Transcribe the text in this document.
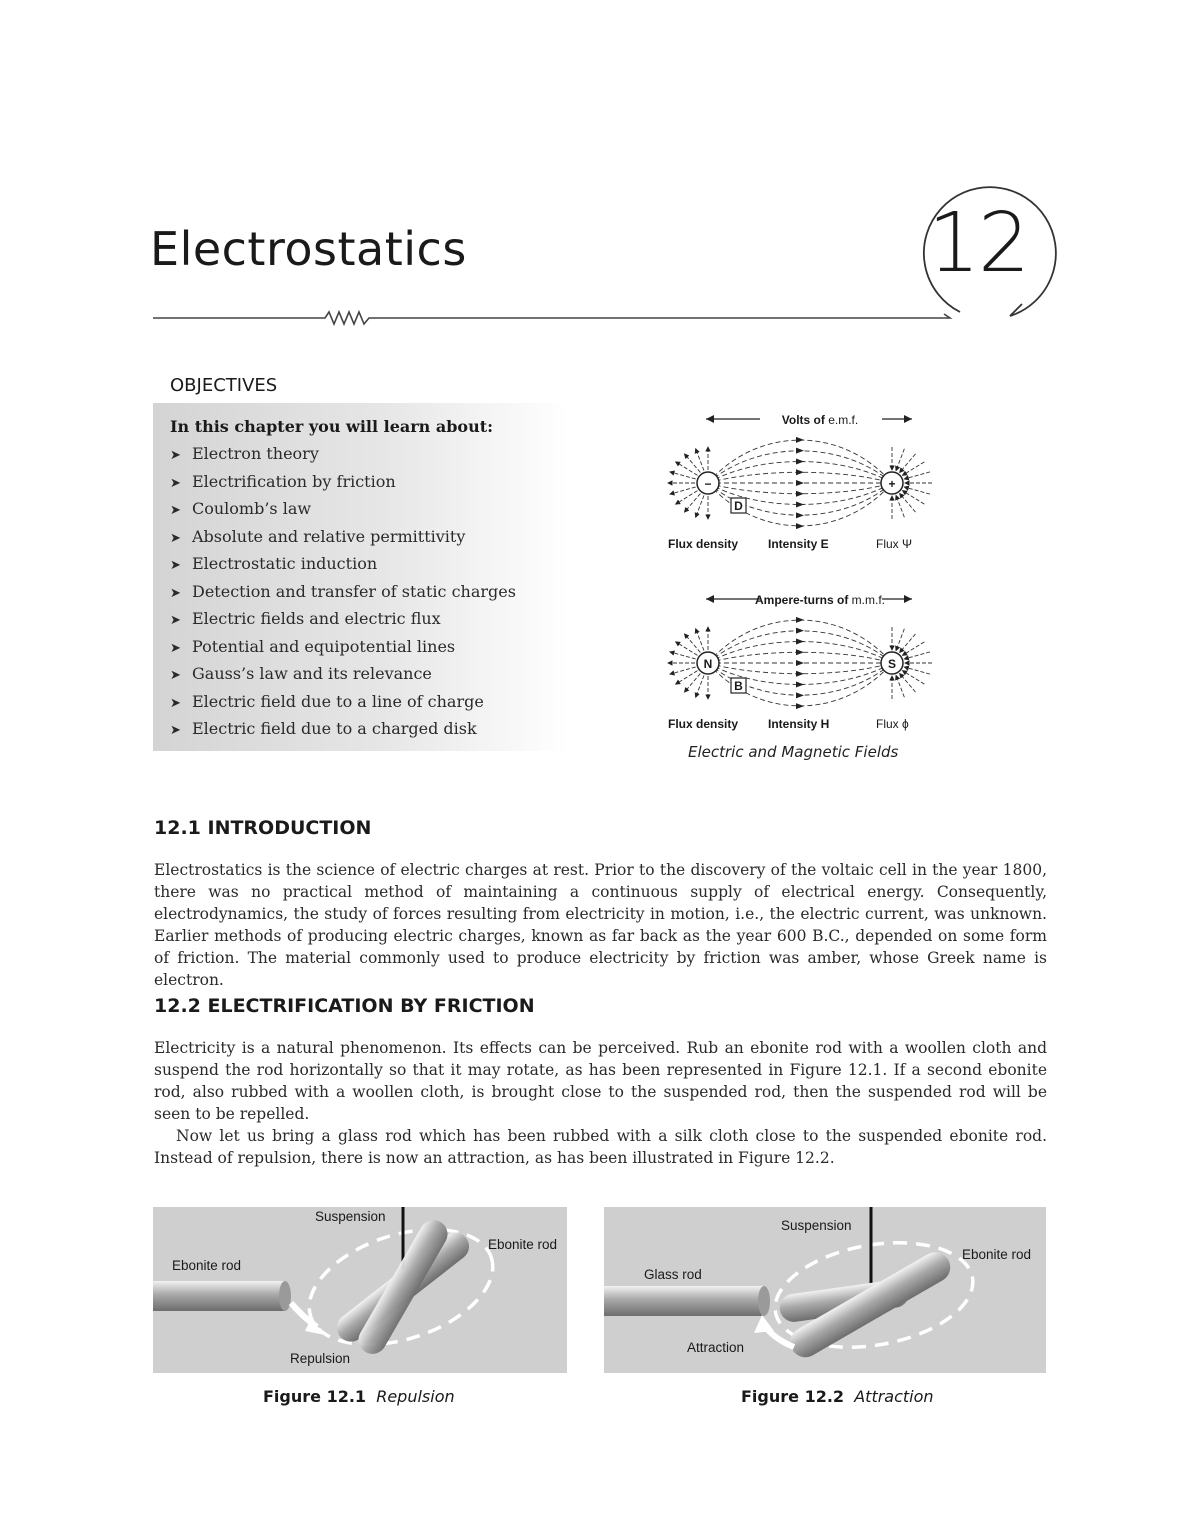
Electrostatics	12
OBJECTIVES
In this chapter you will learn about:
➤ Electron theory
➤ Electrification by friction
➤ Coulomb’s law
➤ Absolute and relative permittivity
➤ Electrostatic induction
➤ Detection and transfer of static charges
➤ Electric fields and electric flux
➤ Potential and equipotential lines
➤ Gauss’s law and its relevance
➤ Electric field due to a line of charge
➤ Electric field due to a charged disk
Volts of e.m.f.
−	+
D
Flux density Intensity E	Flux Ψ
Ampere-turns of m.m.f.
N	S
B
Flux density Intensity H	Flux ϕ
Electric and Magnetic Fields
12.1 INTRODUCTION

Electrostatics is the science of electric charges at rest. Prior to the discovery of the voltaic cell in the year 1800, there was no practical method of maintaining a continuous supply of electrical energy. Consequently, electrodynamics, the study of forces resulting from electricity in motion, i.e., the electric current, was unknown. Earlier methods of producing electric charges, known as far back as the year 600 B.C., depended on some form of friction. The material commonly used to produce electricity by friction was amber, whose Greek name is electron.

12.2 ELECTRIFICATION BY FRICTION

Electricity is a natural phenomenon. Its effects can be perceived. Rub an ebonite rod with a woollen cloth and suspend the rod horizontally so that it may rotate, as has been represented in Figure 12.1. If a second ebonite rod, also rubbed with a woollen cloth, is brought close to the suspended rod, then the suspended rod will be seen to be repelled.

Now let us bring a glass rod which has been rubbed with a silk cloth close to the suspended ebonite rod. Instead of repulsion, there is now an attraction, as has been illustrated in Figure 12.2.

Suspension
Ebonite rod
Ebonite rod
Repulsion
Figure 12.1 Repulsion
Suspension
Glass rod
Ebonite rod
Attraction
Figure 12.2 Attraction
